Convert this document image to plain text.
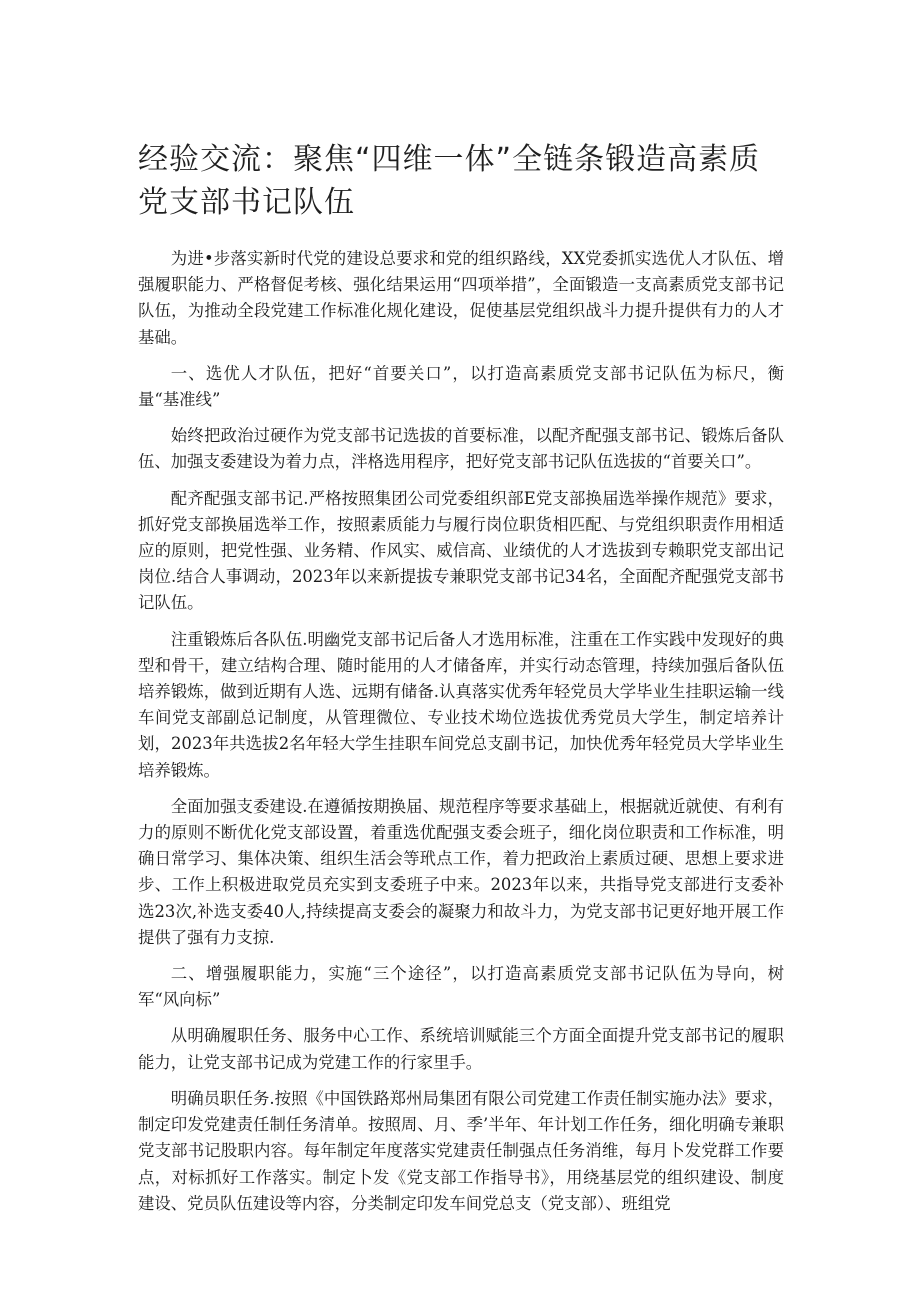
经验交流：聚焦“四维一体”全链条锻造高素质党支部书记队伍

为进•步落实新时代党的建设总要求和党的组织路线，XX党委抓实选优人才队伍、增强履职能力、严格督促考核、强化结果运用“四项举措”，全面锻造一支高素质党支部书记队伍，为推动全段党建工作标准化规化建设，促使基层党组织战斗力提升提供有力的人才基础。

一、选优人才队伍，把好“首要关口”，以打造高素质党支部书记队伍为标尺，衡量“基准线”

始终把政治过硬作为党支部书记选拔的首要标准，以配齐配强支部书记、锻炼后备队伍、加强支委建设为着力点，泮格选用程序，把好党支部书记队伍选拔的“首要关口”。

配齐配强支部书记.严格按照集团公司党委组织部E党支部换届选举操作规范》要求，抓好党支部换届选举工作，按照素质能力与履行岗位职货相匹配、与党组织职责作用相适应的原则，把党性强、业务精、作风实、威信高、业绩优的人才选拔到专赖职党支部出记岗位.结合人事调动，2023年以来新提拔专兼职党支部书记34名，全面配齐配强党支部书记队伍。

注重锻炼后各队伍.明幽党支部书记后备人才选用标准，注重在工作实践中发现好的典型和骨干，建立结构合理、随时能用的人才储备库，并实行动态管理，持续加强后备队伍培养锻炼，做到近期有人选、远期有储备.认真落实优秀年轻党员大学毕业生挂职运输一线车间党支部副总记制度，从管理微位、专业技术坳位选拔优秀党员大学生，制定培养计划，2023年共选拔2名年轻大学生挂职车间党总支副书记，加快优秀年轻党员大学毕业生培养锻炼。

全面加强支委建设.在遵循按期换届、规范程序等要求基础上，根据就近就使、有利有力的原则不断优化党支部设置，着重选优配强支委会班子，细化岗位职责和工作标准，明确日常学习、集体决策、组织生活会等玳点工作，着力把政治上素质过硬、思想上要求进步、工作上积极进取党员充实到支委班子中来。2023年以来，共指导党支部进行支委补选23次,补选支委40人,持续提高支委会的凝聚力和故斗力，为党支部书记更好地开展工作提供了强有力支掠.

二、增强履职能力，实施“三个途径”，以打造高素质党支部书记队伍为导向，树军“风向标”

从明确履职任务、服务中心工作、系统培训赋能三个方面全面提升党支部书记的履职能力，让党支部书记成为党建工作的行家里手。

明确员职任务.按照《中国铁路郑州局集团有限公司党建工作责任制实施办法》要求，制定印发党建责任制任务清单。按照周、月、季’半年、年计划工作任务，细化明确专兼职党支部书记股职内容。每年制定年度落实党建责任制强点任务消维，每月卜发党群工作要点，对标抓好工作落实。制定卜发《党支部工作指导书》，用绕基层党的组织建设、制度建设、党员队伍建设等内容，分类制定印发车间党总支（党支部）、班组党
